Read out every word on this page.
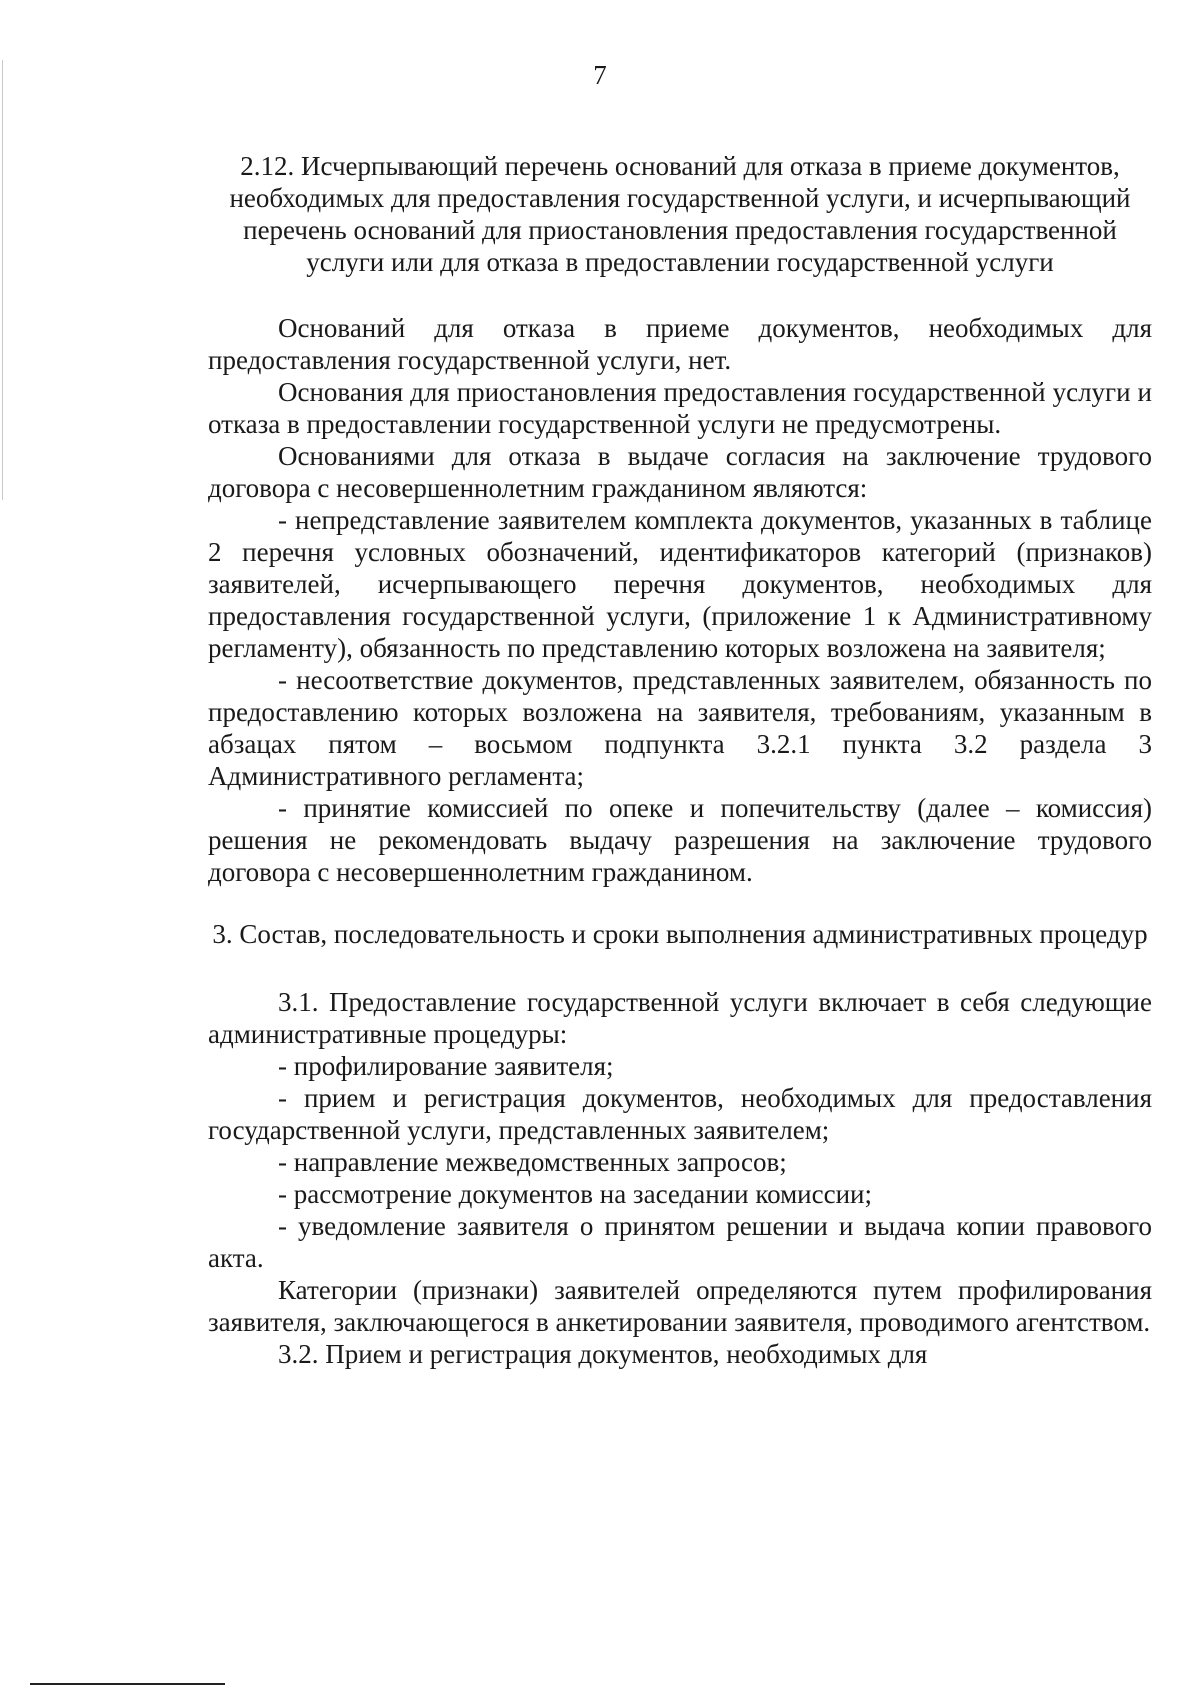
7

2.12. Исчерпывающий перечень оснований для отказа в приеме документов, необходимых для предоставления государственной услуги, и исчерпывающий перечень оснований для приостановления предоставления государственной услуги или для отказа в предоставлении государственной услуги

Оснований для отказа в приеме документов, необходимых для предоставления государственной услуги, нет.

Основания для приостановления предоставления государственной услуги и отказа в предоставлении государственной услуги не предусмотрены.

Основаниями для отказа в выдаче согласия на заключение трудового договора с несовершеннолетним гражданином являются:

- непредставление заявителем комплекта документов, указанных в таблице 2 перечня условных обозначений, идентификаторов категорий (признаков) заявителей, исчерпывающего перечня документов, необходимых для предоставления государственной услуги, (приложение 1 к Административному регламенту), обязанность по представлению которых возложена на заявителя;

- несоответствие документов, представленных заявителем, обязанность по предоставлению которых возложена на заявителя, требованиям, указанным в абзацах пятом – восьмом подпункта 3.2.1 пункта 3.2 раздела 3 Административного регламента;

- принятие комиссией по опеке и попечительству (далее – комиссия) решения не рекомендовать выдачу разрешения на заключение трудового договора с несовершеннолетним гражданином.

3. Состав, последовательность и сроки выполнения административных процедур

3.1. Предоставление государственной услуги включает в себя следующие административные процедуры:

- профилирование заявителя;

- прием и регистрация документов, необходимых для предоставления государственной услуги, представленных заявителем;

- направление межведомственных запросов;

- рассмотрение документов на заседании комиссии;

- уведомление заявителя о принятом решении и выдача копии правового акта.

Категории (признаки) заявителей определяются путем профилирования заявителя, заключающегося в анкетировании заявителя, проводимого агентством.

3.2. Прием и регистрация документов, необходимых для
